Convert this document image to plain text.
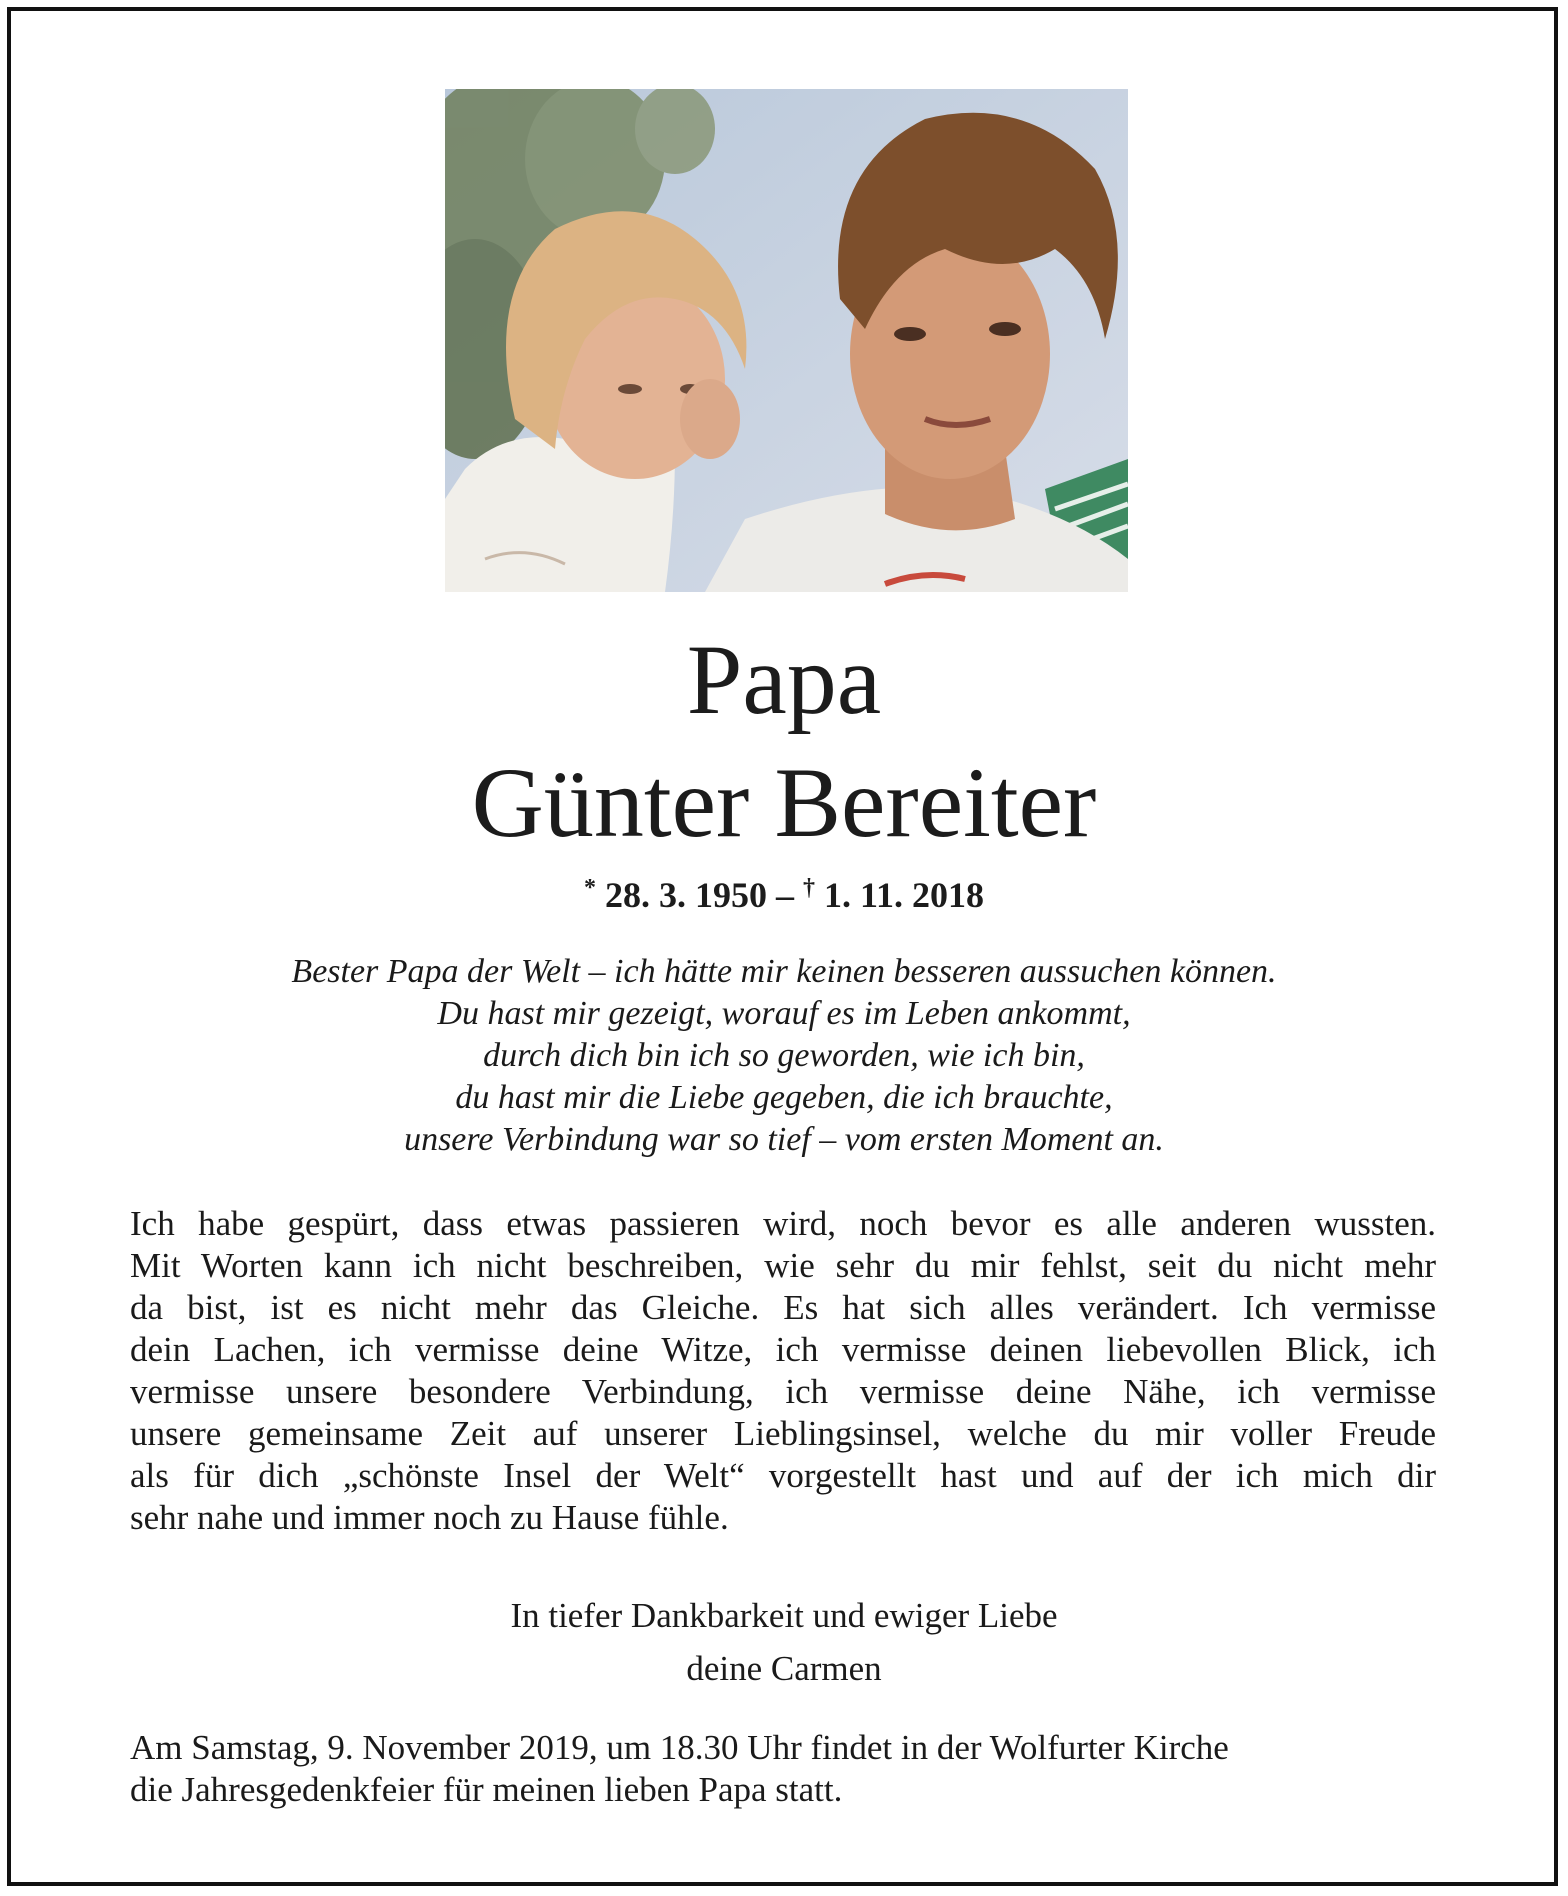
Papa
Günter Bereiter
* 28. 3. 1950 – † 1. 11. 2018
Bester Papa der Welt – ich hätte mir keinen besseren aussuchen können.
Du hast mir gezeigt, worauf es im Leben ankommt,
durch dich bin ich so geworden, wie ich bin,
du hast mir die Liebe gegeben, die ich brauchte,
unsere Verbindung war so tief – vom ersten Moment an.
Ich habe gespürt, dass etwas passieren wird, noch bevor es alle anderen wussten.
Mit Worten kann ich nicht beschreiben, wie sehr du mir fehlst, seit du nicht mehr
da bist, ist es nicht mehr das Gleiche. Es hat sich alles verändert. Ich vermisse
dein Lachen, ich vermisse deine Witze, ich vermisse deinen liebevollen Blick, ich
vermisse unsere besondere Verbindung, ich vermisse deine Nähe, ich vermisse
unsere gemeinsame Zeit auf unserer Lieblingsinsel, welche du mir voller Freude
als für dich „schönste Insel der Welt“ vorgestellt hast und auf der ich mich dir
sehr nahe und immer noch zu Hause fühle.
In tiefer Dankbarkeit und ewiger Liebe
deine Carmen
Am Samstag, 9. November 2019, um 18.30 Uhr findet in der Wolfurter Kirche
die Jahresgedenkfeier für meinen lieben Papa statt.
